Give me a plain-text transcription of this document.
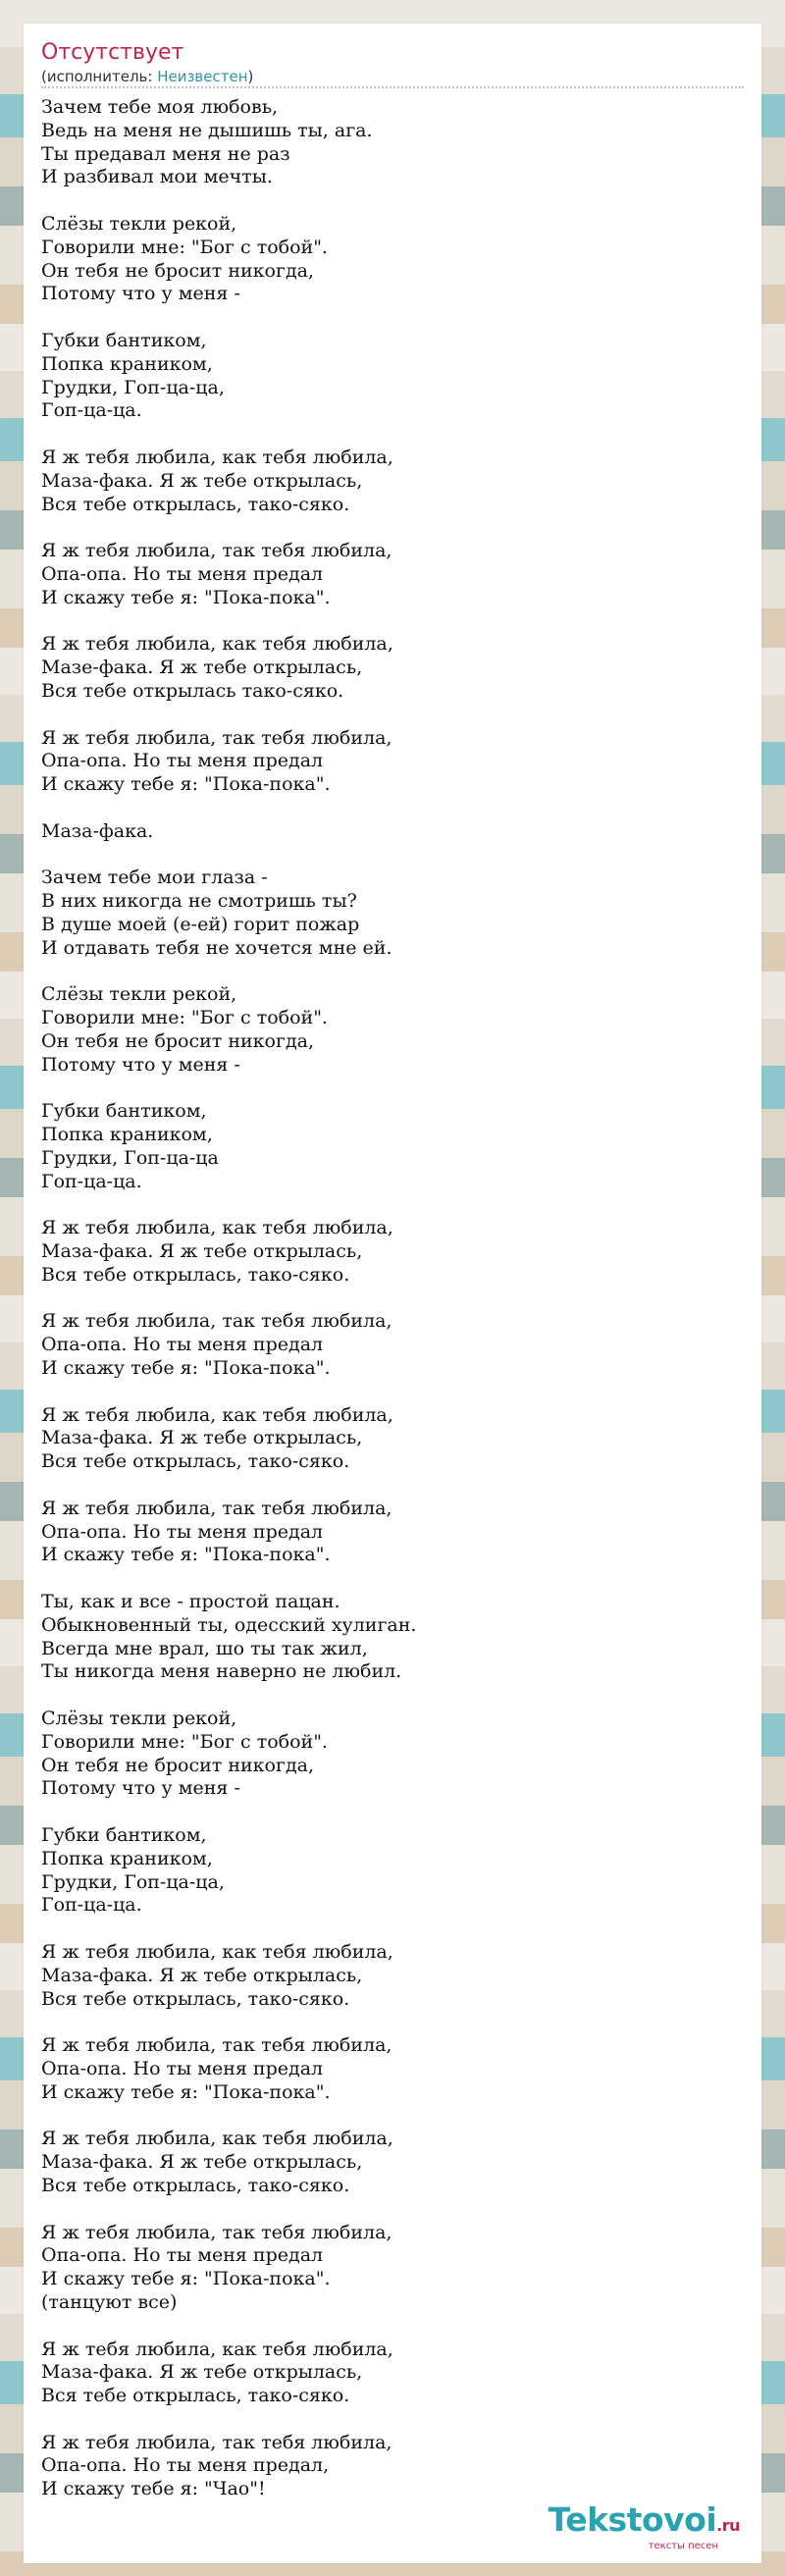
Отсутствует
(исполнитель: Неизвестен)
Зачем тебе моя любовь,
Ведь на меня не дышишь ты, ага.
Ты предавал меня не раз
И разбивал мои мечты.
Слёзы текли рекой,
Говорили мне: "Бог с тобой".
Он тебя не бросит никогда,
Потому что у меня -
Губки бантиком,
Попка краником,
Грудки, Гоп-ца-ца,
Гоп-ца-ца.
Я ж тебя любила, как тебя любила,
Маза-фака. Я ж тебе открылась,
Вся тебе открылась, тако-сяко.
Я ж тебя любила, так тебя любила,
Опа-опа. Но ты меня предал
И скажу тебе я: "Пока-пока".
Я ж тебя любила, как тебя любила,
Мазе-фака. Я ж тебе открылась,
Вся тебе открылась тако-сяко.
Я ж тебя любила, так тебя любила,
Опа-опа. Но ты меня предал
И скажу тебе я: "Пока-пока".
Маза-фака.
Зачем тебе мои глаза -
В них никогда не смотришь ты?
В душе моей (е-ей) горит пожар
И отдавать тебя не хочется мне ей.
Слёзы текли рекой,
Говорили мне: "Бог с тобой".
Он тебя не бросит никогда,
Потому что у меня -
Губки бантиком,
Попка краником,
Грудки, Гоп-ца-ца
Гоп-ца-ца.
Я ж тебя любила, как тебя любила,
Маза-фака. Я ж тебе открылась,
Вся тебе открылась, тако-сяко.
Я ж тебя любила, так тебя любила,
Опа-опа. Но ты меня предал
И скажу тебе я: "Пока-пока".
Я ж тебя любила, как тебя любила,
Маза-фака. Я ж тебе открылась,
Вся тебе открылась, тако-сяко.
Я ж тебя любила, так тебя любила,
Опа-опа. Но ты меня предал
И скажу тебе я: "Пока-пока".
Ты, как и все - простой пацан.
Обыкновенный ты, одесский хулиган.
Всегда мне врал, шо ты так жил,
Ты никогда меня наверно не любил.
Слёзы текли рекой,
Говорили мне: "Бог с тобой".
Он тебя не бросит никогда,
Потому что у меня -
Губки бантиком,
Попка краником,
Грудки, Гоп-ца-ца,
Гоп-ца-ца.
Я ж тебя любила, как тебя любила,
Маза-фака. Я ж тебе открылась,
Вся тебе открылась, тако-сяко.
Я ж тебя любила, так тебя любила,
Опа-опа. Но ты меня предал
И скажу тебе я: "Пока-пока".
Я ж тебя любила, как тебя любила,
Маза-фака. Я ж тебе открылась,
Вся тебе открылась, тако-сяко.
Я ж тебя любила, так тебя любила,
Опа-опа. Но ты меня предал
И скажу тебе я: "Пока-пока".
(танцуют все)
Я ж тебя любила, как тебя любила,
Маза-фака. Я ж тебе открылась,
Вся тебе открылась, тако-сяко.
Я ж тебя любила, так тебя любила,
Опа-опа. Но ты меня предал,
И скажу тебе я: "Чао"!
Tekstovoi.ru
тексты песен
